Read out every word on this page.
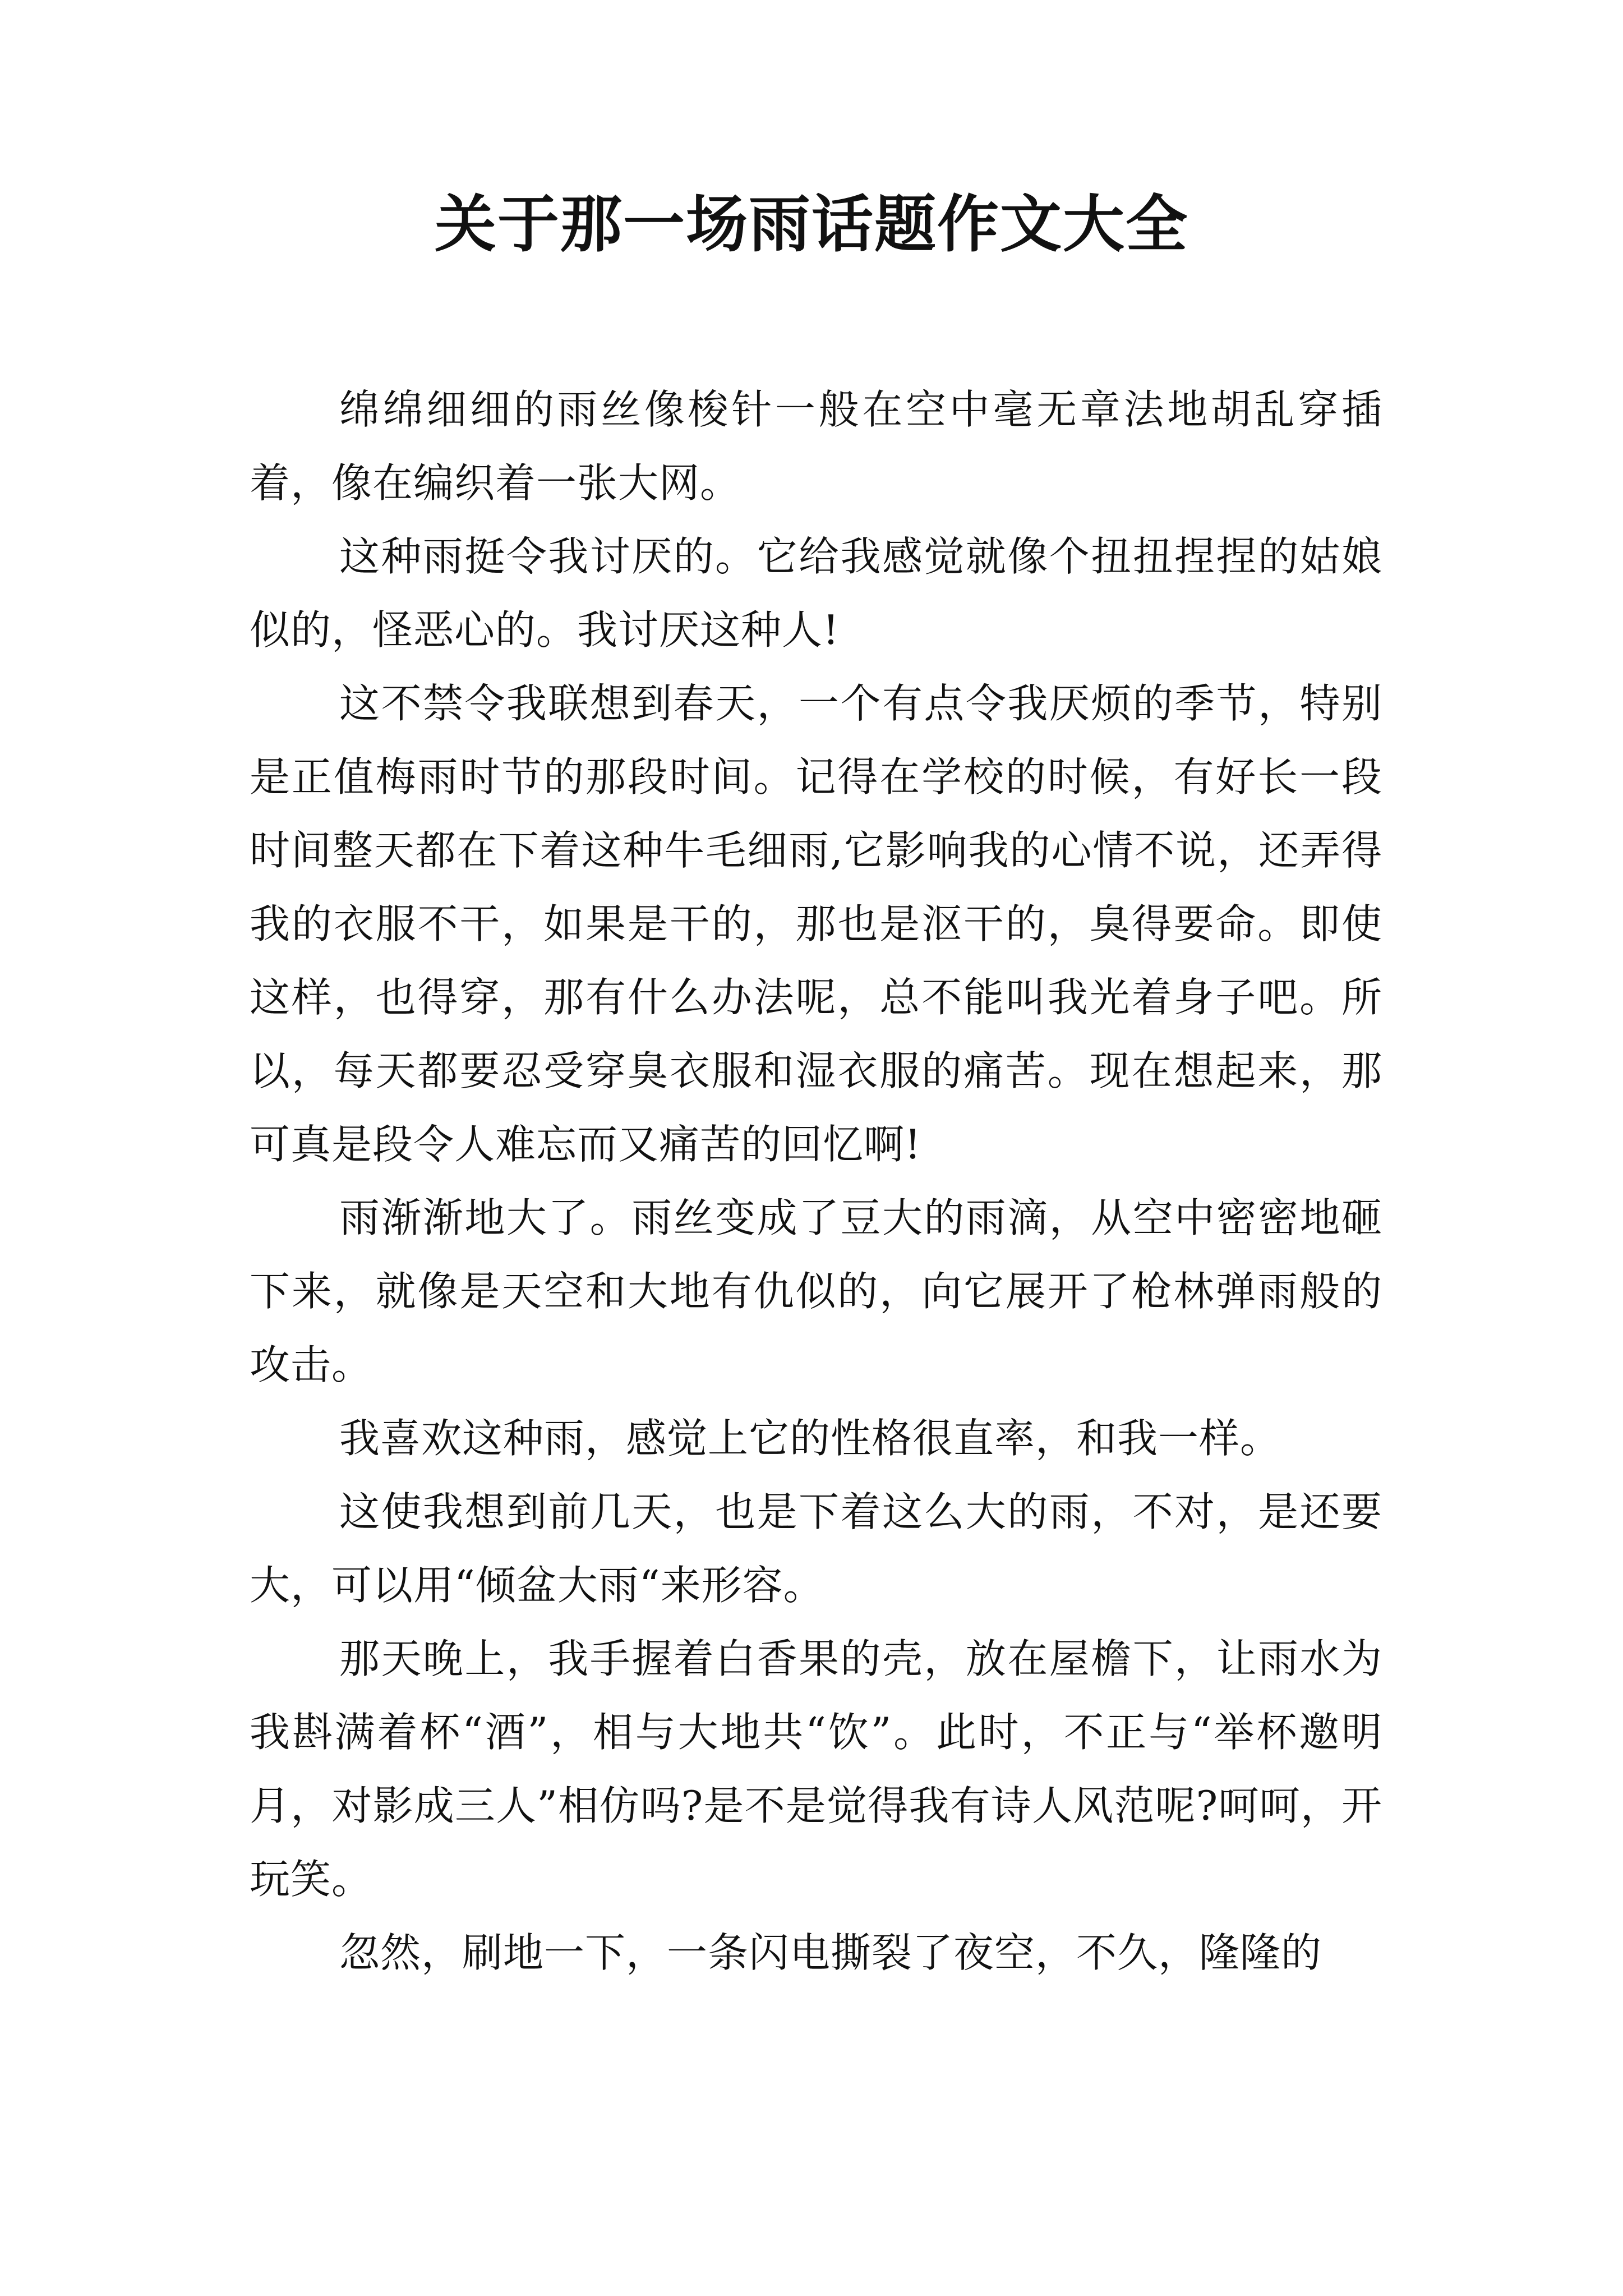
关于那一场雨话题作文大全

绵绵细细的雨丝像梭针一般在空中毫无章法地胡乱穿插着，像在编织着一张大网。

这种雨挺令我讨厌的。它给我感觉就像个扭扭捏捏的姑娘似的，怪恶心的。我讨厌这种人!

这不禁令我联想到春天，一个有点令我厌烦的季节，特别是正值梅雨时节的那段时间。记得在学校的时候，有好长一段时间整天都在下着这种牛毛细雨,它影响我的心情不说，还弄得我的衣服不干，如果是干的，那也是沤干的，臭得要命。即使这样，也得穿，那有什么办法呢，总不能叫我光着身子吧。所以，每天都要忍受穿臭衣服和湿衣服的痛苦。现在想起来，那可真是段令人难忘而又痛苦的回忆啊!

雨渐渐地大了。雨丝变成了豆大的雨滴，从空中密密地砸下来，就像是天空和大地有仇似的，向它展开了枪林弹雨般的攻击。

我喜欢这种雨，感觉上它的性格很直率，和我一样。

这使我想到前几天，也是下着这么大的雨，不对，是还要大，可以用“倾盆大雨“来形容。

那天晚上，我手握着白香果的壳，放在屋檐下，让雨水为我斟满着杯“酒”，相与大地共“饮”。此时，不正与“举杯邀明月，对影成三人”相仿吗?是不是觉得我有诗人风范呢?呵呵，开玩笑。

忽然，刷地一下，一条闪电撕裂了夜空，不久，隆隆的
